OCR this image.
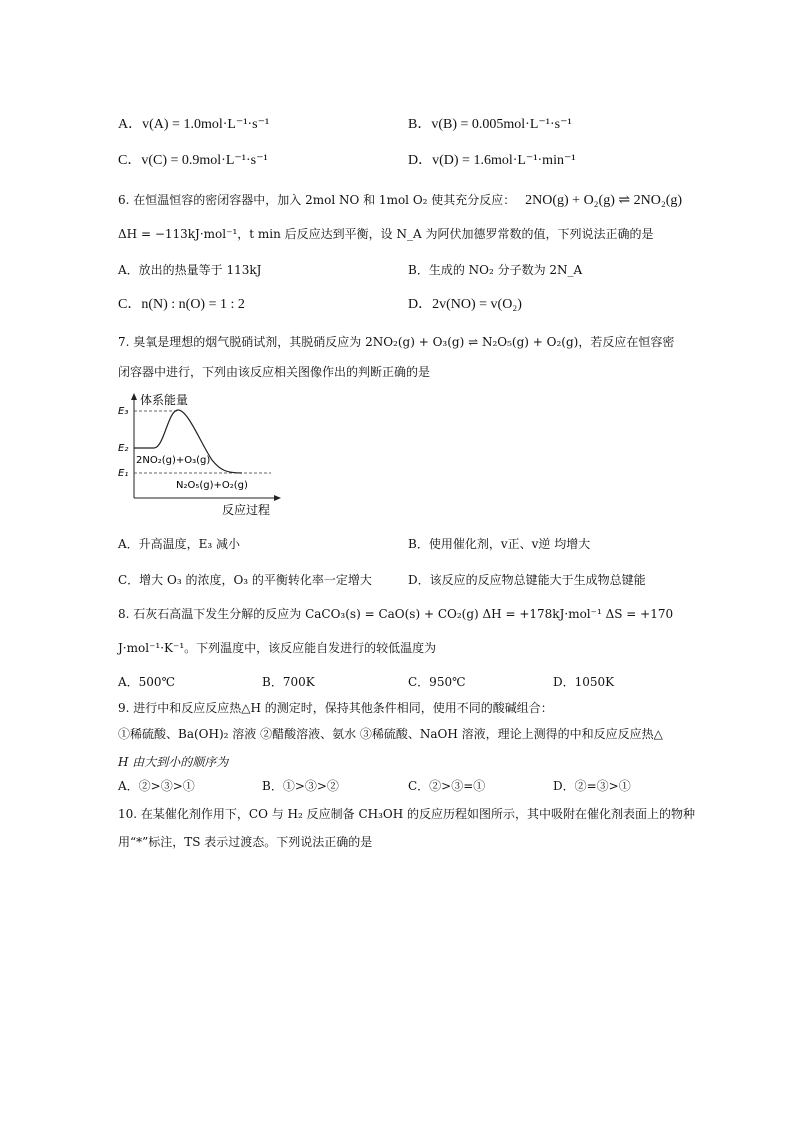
A．v(A) = 1.0mol·L⁻¹·s⁻¹	B．v(B) = 0.005mol·L⁻¹·s⁻¹
C．v(C) = 0.9mol·L⁻¹·s⁻¹	D．v(D) = 1.6mol·L⁻¹·min⁻¹
6. 在恒温恒容的密闭容器中，加入 2mol NO 和 1mol O₂ 使其充分反应： 2NO(g) + O₂(g) ⇌ 2NO₂(g)
ΔH = −113kJ·mol⁻¹，t min 后反应达到平衡，设 N_A 为阿伏加德罗常数的值，下列说法正确的是
A．放出的热量等于 113kJ	B．生成的 NO₂ 分子数为 2N_A
C．n(N) : n(O) = 1 : 2	D．2v(NO) = v(O₂)
7. 臭氧是理想的烟气脱硝试剂，其脱硝反应为 2NO₂(g) + O₃(g) ⇌ N₂O₅(g) + O₂(g)，若反应在恒容密
闭容器中进行，下列由该反应相关图像作出的判断正确的是
体系能量
E₃
E₂
E₁
2NO₂(g)+O₃(g)
N₂O₅(g)+O₂(g)
反应过程
A．升高温度，E₃ 减小	B．使用催化剂，v正、v逆 均增大
C．增大 O₃ 的浓度，O₃ 的平衡转化率一定增大	D．该反应的反应物总键能大于生成物总键能
8. 石灰石高温下发生分解的反应为 CaCO₃(s) = CaO(s) + CO₂(g) ΔH = +178kJ·mol⁻¹ ΔS = +170
J·mol⁻¹·K⁻¹。下列温度中，该反应能自发进行的较低温度为
A．500℃	B．700K	C．950℃	D．1050K
9. 进行中和反应反应热△H 的测定时，保持其他条件相同，使用不同的酸碱组合：
①稀硫酸、Ba(OH)₂ 溶液 ②醋酸溶液、氨水 ③稀硫酸、NaOH 溶液，理论上测得的中和反应反应热△
H 由大到小的顺序为
A．②>③>①	B．①>③>②	C．②>③=①	D．②=③>①
10. 在某催化剂作用下，CO 与 H₂ 反应制备 CH₃OH 的反应历程如图所示，其中吸附在催化剂表面上的物种
用“*”标注，TS 表示过渡态。下列说法正确的是
